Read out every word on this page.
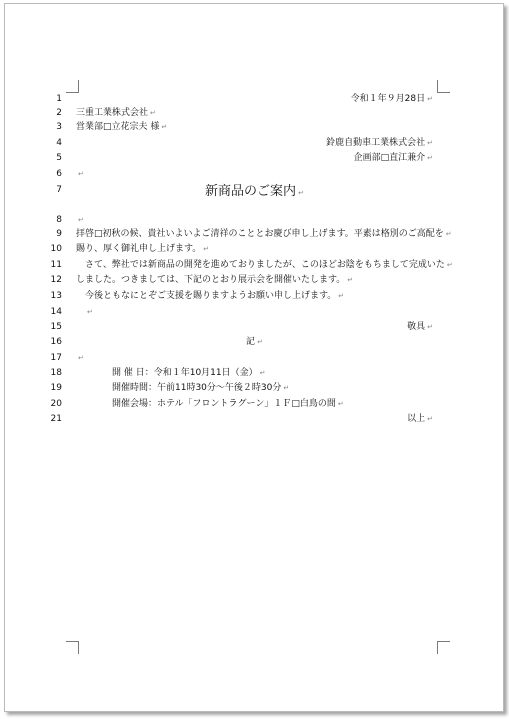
1	令和１年９月28日 ↵
2 三重工業株式会社 ↵
3 営業部□立花宗夫 様 ↵
4	鈴鹿自動車工業株式会社 ↵
5	企画部□直江兼介 ↵
6 ↵
7	新商品のご案内 ↵
8 ↵
9 拝啓□初秋の候、貴社いよいよご清祥のこととお慶び申し上げます。平素は格別のご高配を ↵
10 賜り、厚く御礼申し上げます。 ↵
11	さて、弊社では新商品の開発を進めておりましたが、このほどお陰をもちまして完成いた ↵
12 しました。つきましては、下記のとおり展示会を開催いたします。 ↵
13	今後ともなにとぞご支援を賜りますようお願い申し上げます。 ↵
14	↵
15	敬具 ↵
16	記 ↵
17 ↵
18	開 催 日：令和１年10月11日（金） ↵
19	開催時間：午前11時30分～午後２時30分 ↵
20	開催会場：ホテル「フロントラグーン」１Ｆ□白鳥の間 ↵
21	以上 ↵
